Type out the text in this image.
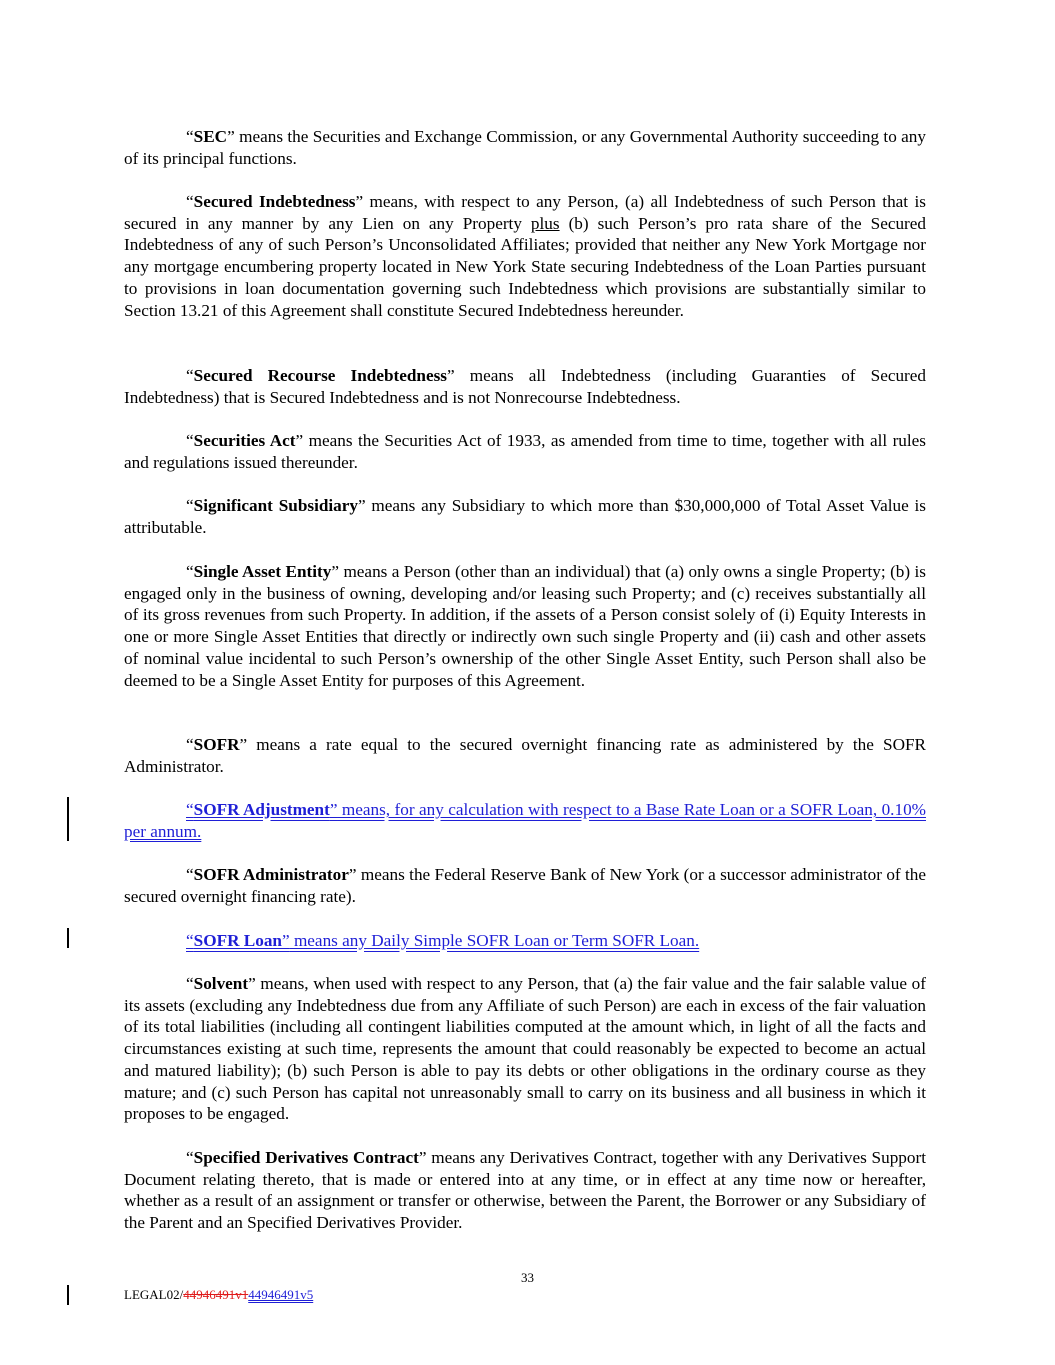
“SEC” means the Securities and Exchange Commission, or any Governmental Authority succeeding to any of its principal functions.

“Secured Indebtedness” means, with respect to any Person, (a) all Indebtedness of such Person that is secured in any manner by any Lien on any Property plus (b) such Person’s pro rata share of the Secured Indebtedness of any of such Person’s Unconsolidated Affiliates; provided that neither any New York Mortgage nor any mortgage encumbering property located in New York State securing Indebtedness of the Loan Parties pursuant to provisions in loan documentation governing such Indebtedness which provisions are substantially similar to Section 13.21 of this Agreement shall constitute Secured Indebtedness hereunder.

“Secured Recourse Indebtedness” means all Indebtedness (including Guaranties of Secured Indebtedness) that is Secured Indebtedness and is not Nonrecourse Indebtedness.

“Securities Act” means the Securities Act of 1933, as amended from time to time, together with all rules and regulations issued thereunder.

“Significant Subsidiary” means any Subsidiary to which more than $30,000,000 of Total Asset Value is attributable.

“Single Asset Entity” means a Person (other than an individual) that (a) only owns a single Property; (b) is engaged only in the business of owning, developing and/or leasing such Property; and (c) receives substantially all of its gross revenues from such Property. In addition, if the assets of a Person consist solely of (i) Equity Interests in one or more Single Asset Entities that directly or indirectly own such single Property and (ii) cash and other assets of nominal value incidental to such Person’s ownership of the other Single Asset Entity, such Person shall also be deemed to be a Single Asset Entity for purposes of this Agreement.

“SOFR” means a rate equal to the secured overnight financing rate as administered by the SOFR Administrator.

“SOFR Adjustment” means, for any calculation with respect to a Base Rate Loan or a SOFR Loan, 0.10% per annum.

“SOFR Administrator” means the Federal Reserve Bank of New York (or a successor administrator of the secured overnight financing rate).

“SOFR Loan” means any Daily Simple SOFR Loan or Term SOFR Loan.

“Solvent” means, when used with respect to any Person, that (a) the fair value and the fair salable value of its assets (excluding any Indebtedness due from any Affiliate of such Person) are each in excess of the fair valuation of its total liabilities (including all contingent liabilities computed at the amount which, in light of all the facts and circumstances existing at such time, represents the amount that could reasonably be expected to become an actual and matured liability); (b) such Person is able to pay its debts or other obligations in the ordinary course as they mature; and (c) such Person has capital not unreasonably small to carry on its business and all business in which it proposes to be engaged.

“Specified Derivatives Contract” means any Derivatives Contract, together with any Derivatives Support Document relating thereto, that is made or entered into at any time, or in effect at any time now or hereafter, whether as a result of an assignment or transfer or otherwise, between the Parent, the Borrower or any Subsidiary of the Parent and an Specified Derivatives Provider.

33
LEGAL02/44946491v144946491v5
